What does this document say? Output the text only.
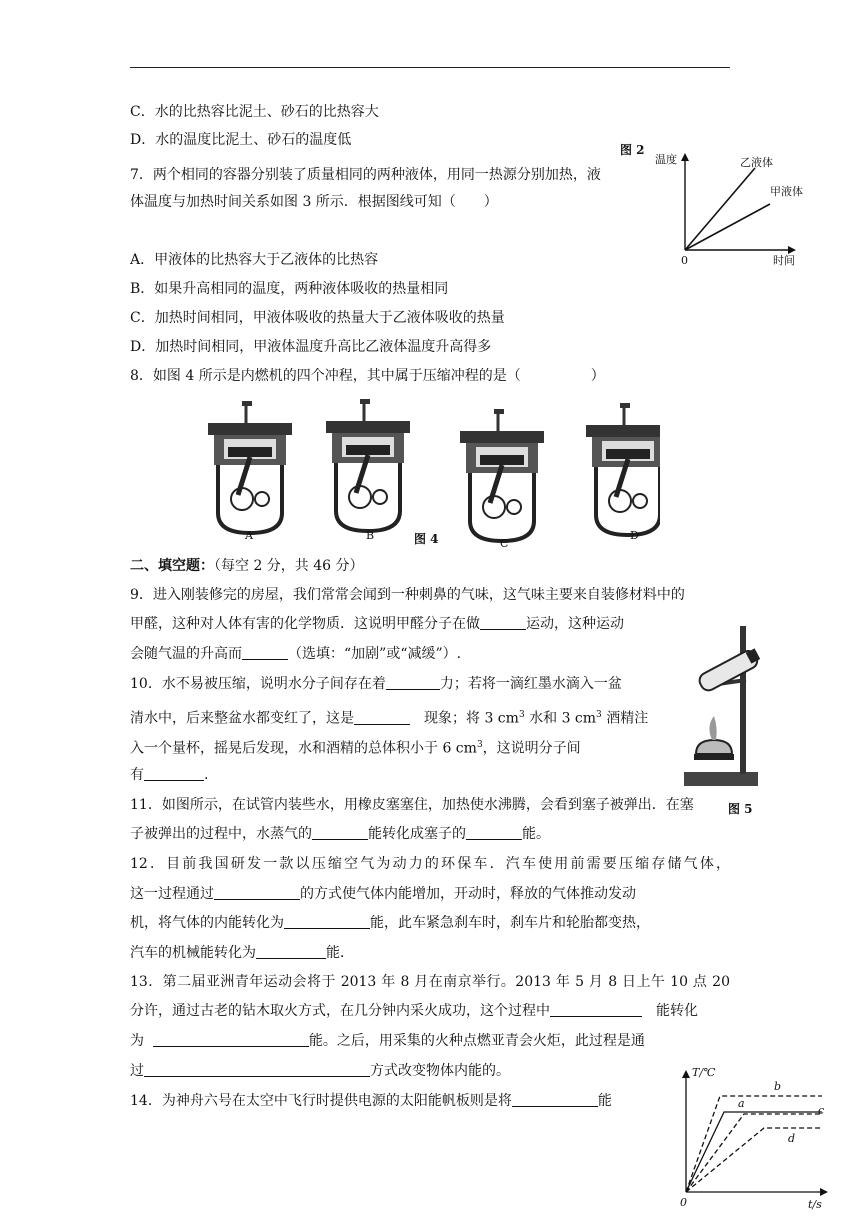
C．水的比热容比泥土、砂石的比热容大
D．水的温度比泥土、砂石的温度低
图 2
温度	乙液体
甲液体
0	时间
7．两个相同的容器分别装了质量相同的两种液体，用同一热源分别加热，液
体温度与加热时间关系如图 3 所示．根据图线可知（　　）
A．甲液体的比热容大于乙液体的比热容
B．如果升高相同的温度，两种液体吸收的热量相同
C．加热时间相同，甲液体吸收的热量大于乙液体吸收的热量
D．加热时间相同，甲液体温度升高比乙液体温度升高得多
8．如图 4 所示是内燃机的四个冲程，其中属于压缩冲程的是（　　　　　）
A	B
C
D
图 4
二、填空题：（每空 2 分，共 46 分）
9．进入刚装修完的房屋，我们常常会闻到一种刺鼻的气味，这气味主要来自装修材料中的
甲醛，这种对人体有害的化学物质．这说明甲醛分子在做	运动，这种运动
会随气温的升高而	（选填：“加剧”或“减缓”）.
10．水不易被压缩，说明水分子间存在着	力；若将一滴红墨水滴入一盆
清水中，后来整盆水都变红了，这是	　现象；将 3 $cm^3$ 水和 3 $cm^3$ 酒精注
入一个量杯，摇晃后发现，水和酒精的总体积小于 6 $cm^3$，这说明分子间
有	.
图 5
11．如图所示，在试管内装些水，用橡皮塞塞住，加热使水沸腾，会看到塞子被弹出．在塞
子被弹出的过程中，水蒸气的	能转化成塞子的	能。
12．目前我国研发一款以压缩空气为动力的环保车．汽车使用前需要压缩存储气体，
这一过程通过	的方式使气体内能增加，开动时，释放的气体推动发动
机，将气体的内能转化为	能，此车紧急刹车时，刹车片和轮胎都变热，
汽车的机械能转化为	能．
13．第二届亚洲青年运动会将于 2013 年 8 月在南京举行。2013 年 5 月 8 日上午 10 点 20
分许，通过古老的钻木取火方式，在几分钟内采火成功，这个过程中	　能转化
为	能。之后，用采集的火种点燃亚青会火炬，此过程是通
过	方式改变物体内能的。
14．为神舟六号在太空中飞行时提供电源的太阳能帆板则是将	能
T/℃
b
a
c
d
0	t/s
